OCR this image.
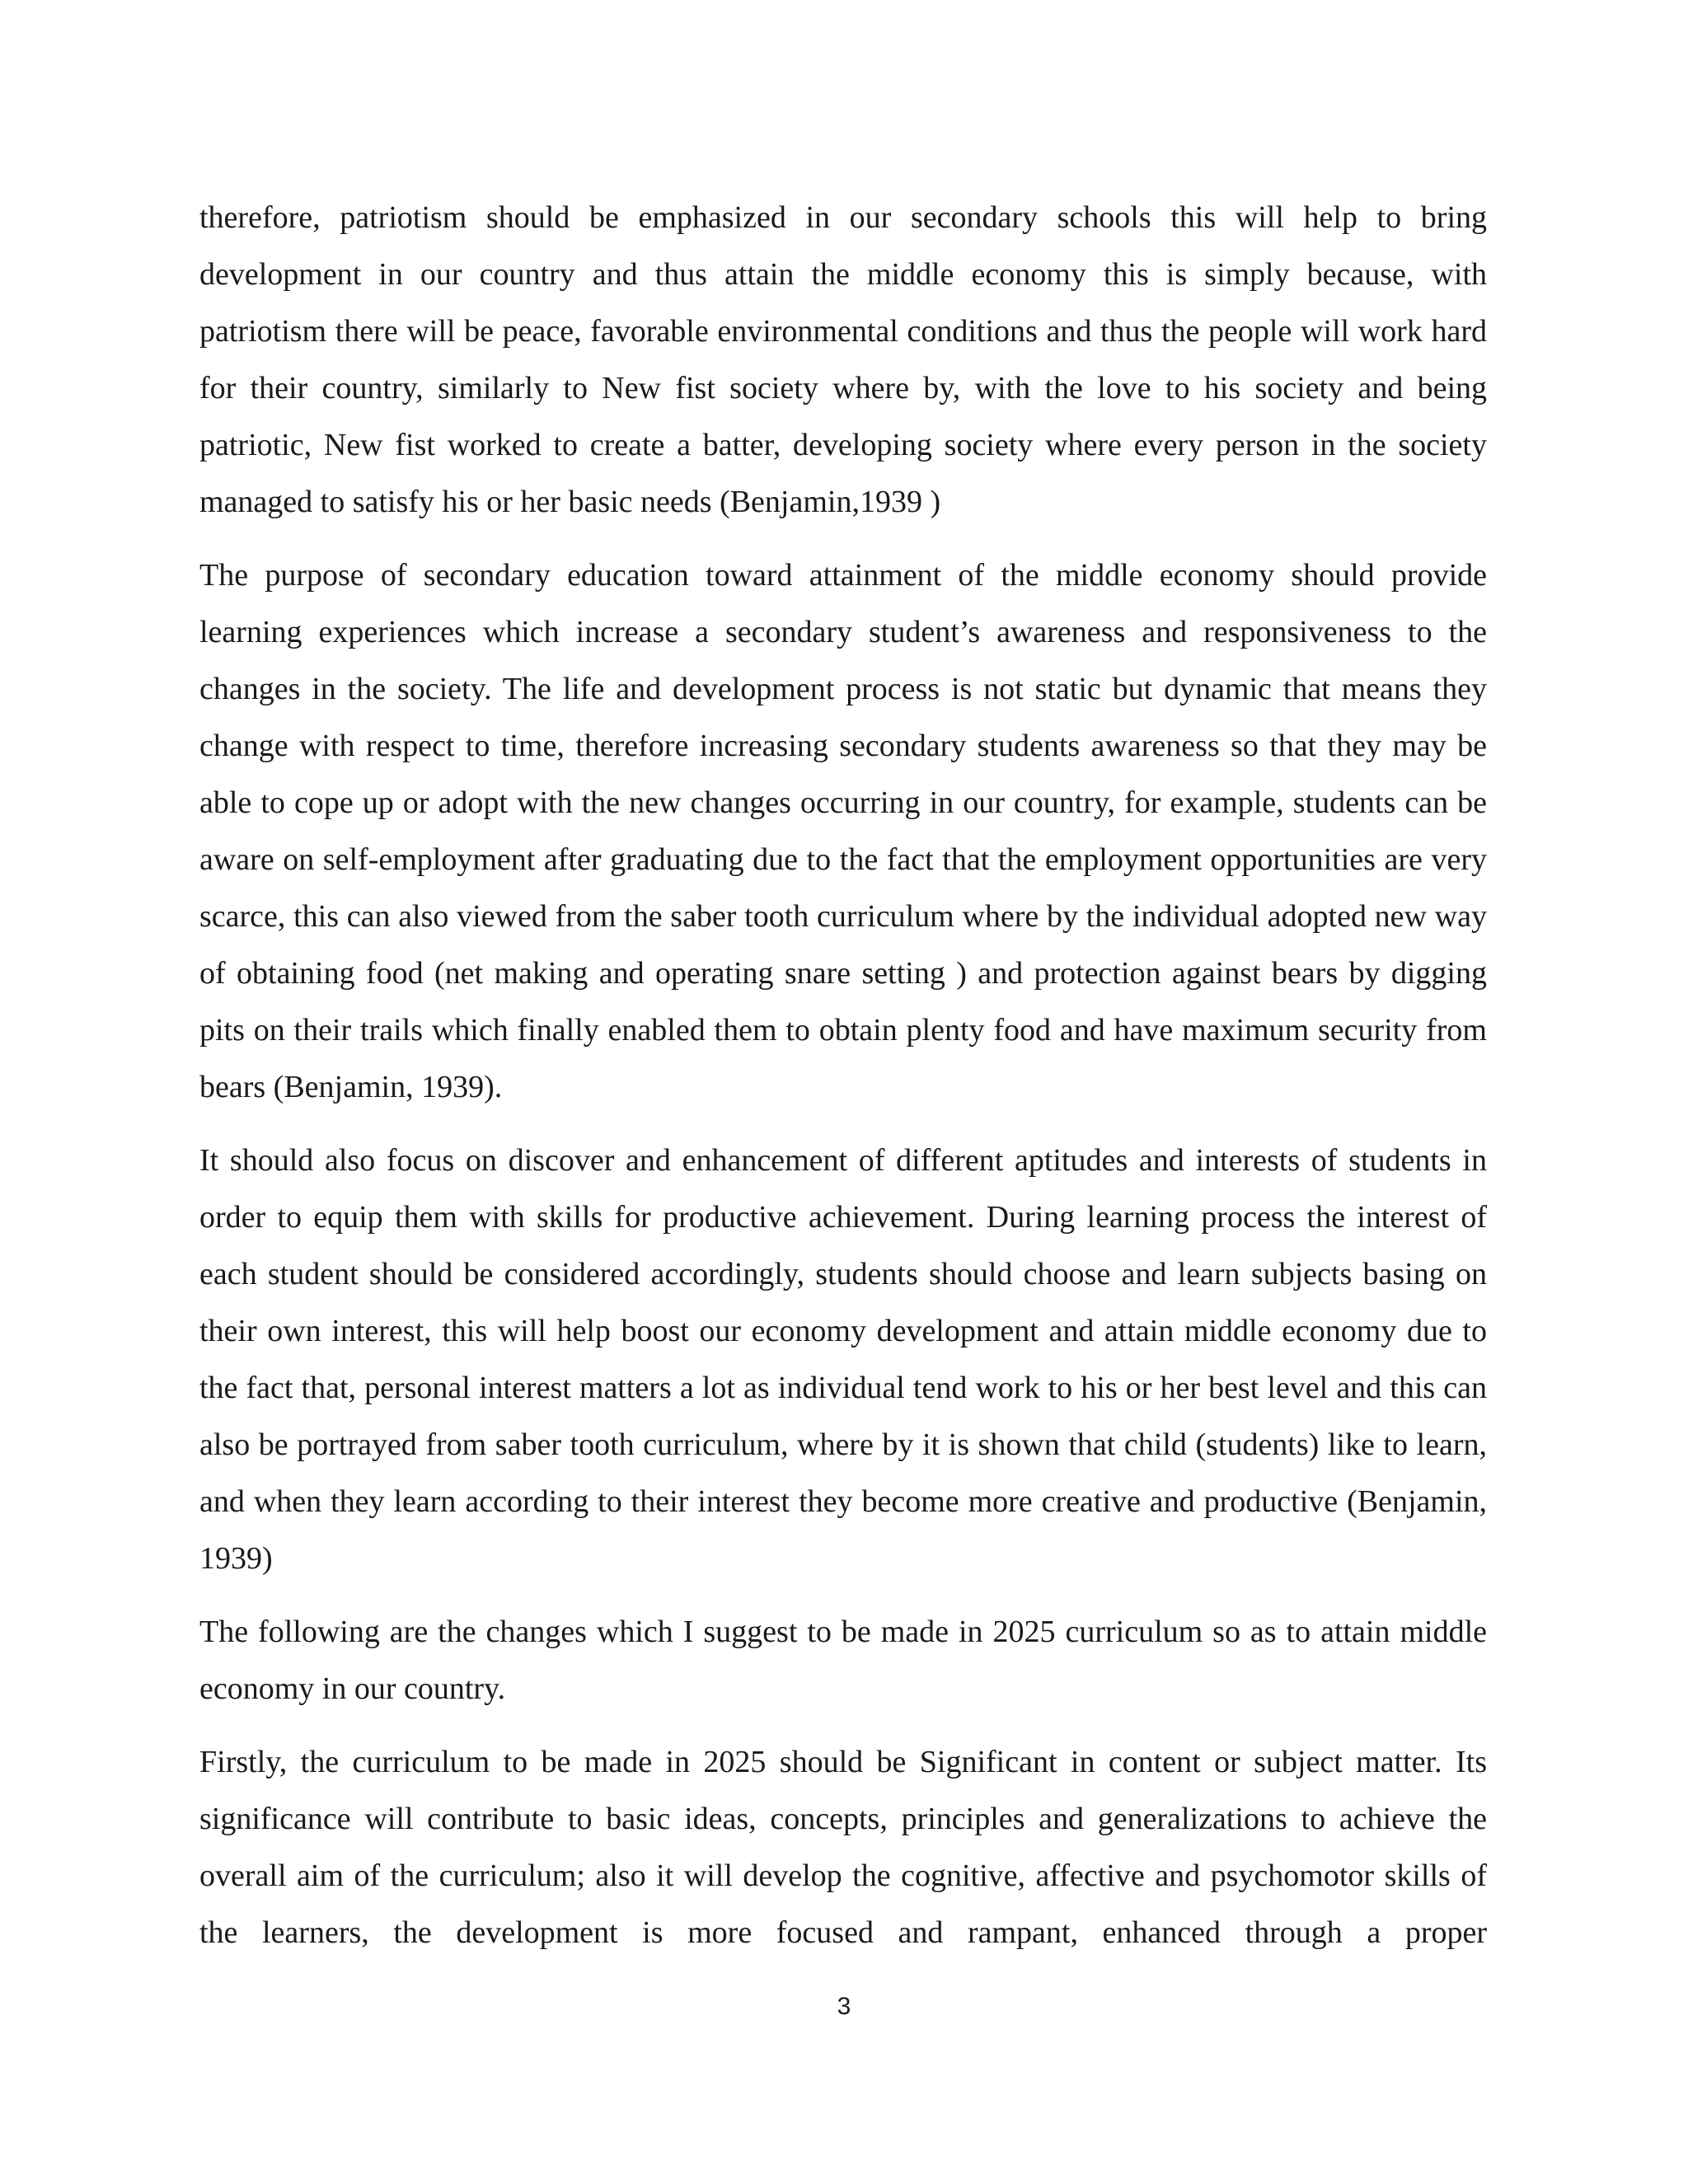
therefore, patriotism should be emphasized in our secondary schools this will help to bring development in our country and thus attain the middle economy this is simply because, with patriotism there will be peace, favorable environmental conditions and thus the people will work hard for their country, similarly to New fist society where by, with the love to his society and being patriotic, New fist worked to create a batter, developing society where every person in the society managed to satisfy his or her basic needs (Benjamin,1939 )

The purpose of secondary education toward attainment of the middle economy should provide learning experiences which increase a secondary student’s awareness and responsiveness to the changes in the society. The life and development process is not static but dynamic that means they change with respect to time, therefore increasing secondary students awareness so that they may be able to cope up or adopt with the new changes occurring in our country, for example, students can be aware on self-employment after graduating due to the fact that the employment opportunities are very scarce, this can also viewed from the saber tooth curriculum where by the individual adopted new way of obtaining food (net making and operating snare setting ) and protection against bears by digging pits on their trails which finally enabled them to obtain plenty food and have maximum security from bears (Benjamin, 1939).

It should also focus on discover and enhancement of different aptitudes and interests of students in order to equip them with skills for productive achievement. During learning process the interest of each student should be considered accordingly, students should choose and learn subjects basing on their own interest, this will help boost our economy development and attain middle economy due to the fact that, personal interest matters a lot as individual tend work to his or her best level and this can also be portrayed from saber tooth curriculum, where by it is shown that child (students) like to learn, and when they learn according to their interest they become more creative and productive (Benjamin, 1939)

The following are the changes which I suggest to be made in 2025 curriculum so as to attain middle economy in our country.

Firstly, the curriculum to be made in 2025 should be Significant in content or subject matter. Its significance will contribute to basic ideas, concepts, principles and generalizations to achieve the overall aim of the curriculum; also it will develop the cognitive, affective and psychomotor skills of the learners, the development is more focused and rampant, enhanced through a proper

3
